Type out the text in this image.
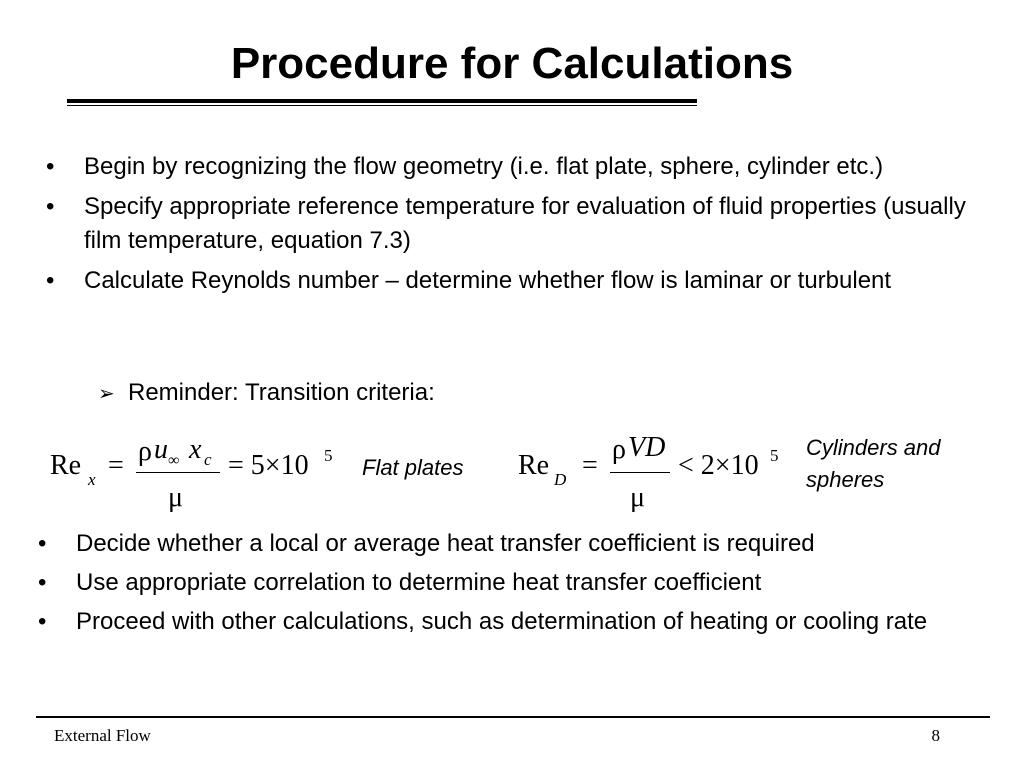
Procedure for Calculations
• Begin by recognizing the flow geometry (i.e. flat plate, sphere, cylinder etc.)
• Specify appropriate reference temperature for evaluation of fluid properties (usually film temperature, equation 7.3)
• Calculate Reynolds number – determine whether flow is laminar or turbulent
➢ Reminder: Transition criteria:
Re x = ρ u ∞ x c
μ
= 5×10 5 Flat plates Re D =
ρ VD
μ
< 2×10 5 Cylinders and
spheres
• Decide whether a local or average heat transfer coefficient is required
• Use appropriate correlation to determine heat transfer coefficient
• Proceed with other calculations, such as determination of heating or cooling rate
External Flow	8
